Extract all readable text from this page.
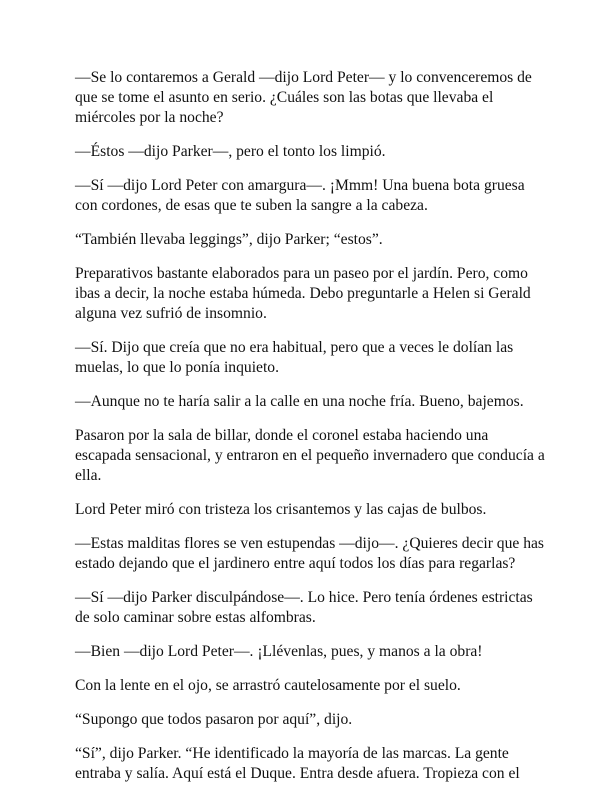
—Se lo contaremos a Gerald —dijo Lord Peter— y lo convenceremos de que se tome el asunto en serio. ¿Cuáles son las botas que llevaba el miércoles por la noche?

—Éstos —dijo Parker—, pero el tonto los limpió.

—Sí —dijo Lord Peter con amargura—. ¡Mmm! Una buena bota gruesa con cordones, de esas que te suben la sangre a la cabeza.

“También llevaba leggings”, dijo Parker; “estos”.

Preparativos bastante elaborados para un paseo por el jardín. Pero, como ibas a decir, la noche estaba húmeda. Debo preguntarle a Helen si Gerald alguna vez sufrió de insomnio.

—Sí. Dijo que creía que no era habitual, pero que a veces le dolían las muelas, lo que lo ponía inquieto.

—Aunque no te haría salir a la calle en una noche fría. Bueno, bajemos.

Pasaron por la sala de billar, donde el coronel estaba haciendo una escapada sensacional, y entraron en el pequeño invernadero que conducía a ella.

Lord Peter miró con tristeza los crisantemos y las cajas de bulbos.

—Estas malditas flores se ven estupendas —dijo—. ¿Quieres decir que has estado dejando que el jardinero entre aquí todos los días para regarlas?

—Sí —dijo Parker disculpándose—. Lo hice. Pero tenía órdenes estrictas de solo caminar sobre estas alfombras.

—Bien —dijo Lord Peter—. ¡Llévenlas, pues, y manos a la obra!

Con la lente en el ojo, se arrastró cautelosamente por el suelo.

“Supongo que todos pasaron por aquí”, dijo.

“Sí”, dijo Parker. “He identificado la mayoría de las marcas. La gente entraba y salía. Aquí está el Duque. Entra desde afuera. Tropieza con el
